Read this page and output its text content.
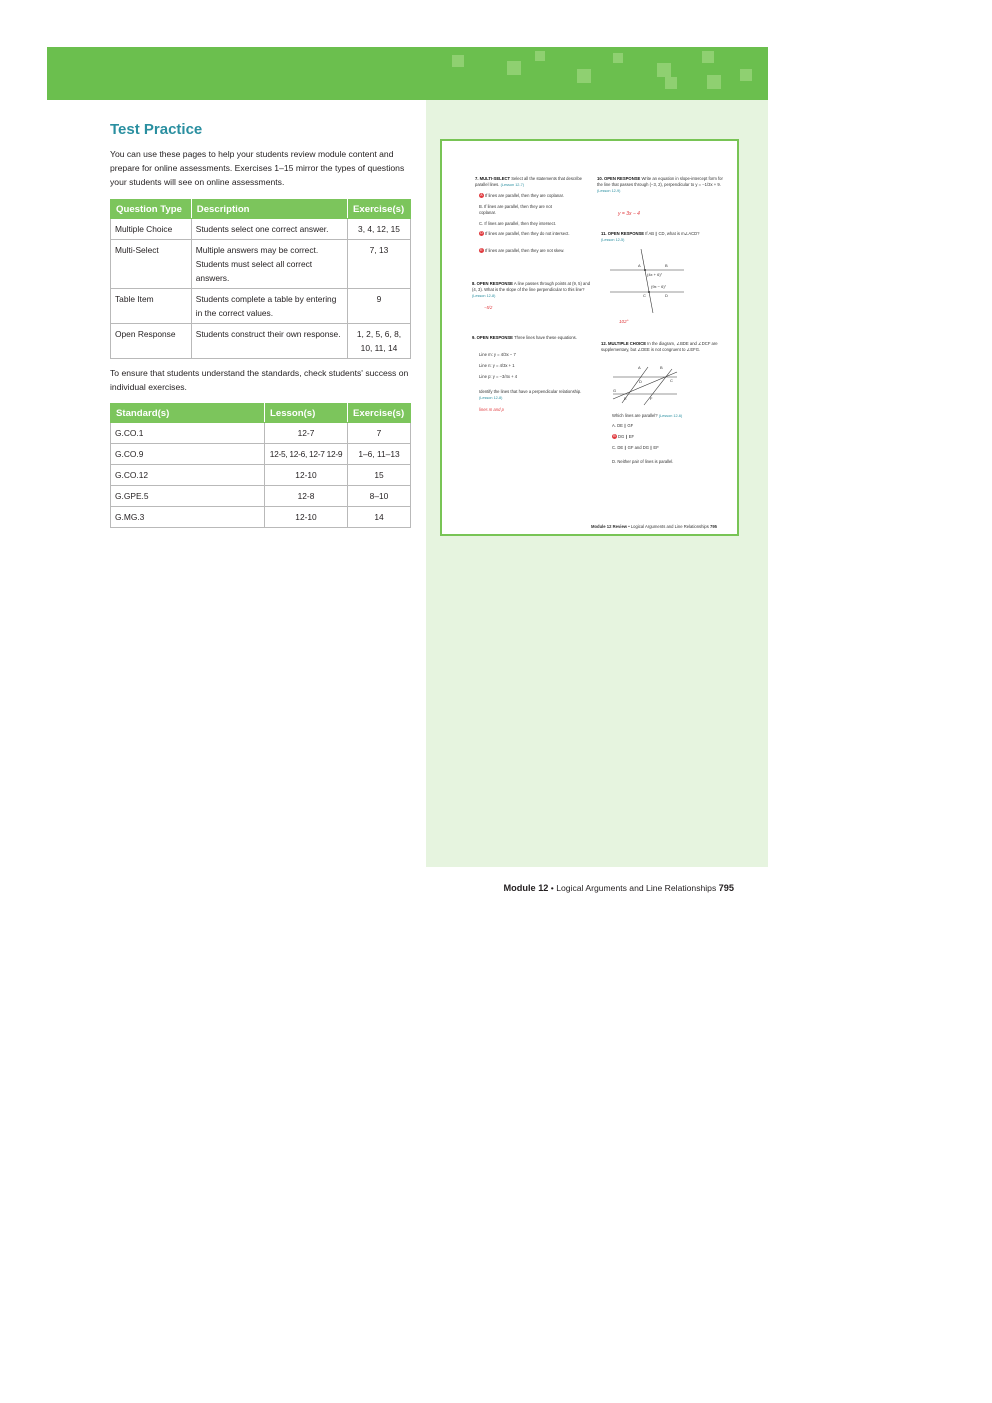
Test Practice

You can use these pages to help your students review module content and prepare for online assessments. Exercises 1–15 mirror the types of questions your students will see on online assessments.

Question Type	Description	Exercise(s)
Multiple Choice	Students select one correct answer.	3, 4, 12, 15
Multi-Select	Multiple answers may be correct. Students must select all correct answers.	7, 13
Table Item	Students complete a table by entering in the correct values.	9
Open Response	Students construct their own response.	1, 2, 5, 6, 8, 10, 11, 14

To ensure that students understand the standards, check students' success on individual exercises.

Standard(s)	Lesson(s)	Exercise(s)
G.CO.1	12-7	7
G.CO.9	12-5, 12-6, 12-7 12-9	1–6, 11–13
G.CO.12	12-10	15
G.GPE.5	12-8	8–10
G.MG.3	12-10	14
7. MULTI-SELECT Select all the statements that describe parallel lines. (Lesson 12-7)
A If lines are parallel, then they are coplanar.
B. If lines are parallel, then they are not coplanar.
C. If lines are parallel, then they intersect.
D If lines are parallel, then they do not intersect.
E If lines are parallel, then they are not skew.
8. OPEN RESPONSE A line passes through points at (9, 5) and (4, 3). What is the slope of the line perpendicular to this line? (Lesson 12-8)
−5/2
9. OPEN RESPONSE Three lines have these equations.
Line m: y = 4/3x − 7
Line n: y = 4/3x + 1
Line p: y = −3/4x + 4
Identify the lines that have a perpendicular relationship. (Lesson 12-8)
lines m and p
10. OPEN RESPONSE Write an equation in slope-intercept form for the line that passes through (−3, 2), perpendicular to y = −1/3x + 9. (Lesson 12-9)
y = 3x − 4
11. OPEN RESPONSE If AB ∥ CD, what is m∠ACD? (Lesson 12-5)
A	B
C	D
(4x + 6)°
(9x − 6)°
102°
12. MULTIPLE CHOICE In the diagram, ∠BDE and ∠DCF are supplementary, but ∠DEE is not congruent to ∠EFG.
A	B
C
D
E	F
G
Which lines are parallel? (Lesson 12-6)
A. DE ∥ GF
B DG ∥ EF
C. DE ∥ GF and DG ∥ EF
D. Neither pair of lines is parallel.
Module 12 Review • Logical Arguments and Line Relationships 795
Module 12 • Logical Arguments and Line Relationships 795
